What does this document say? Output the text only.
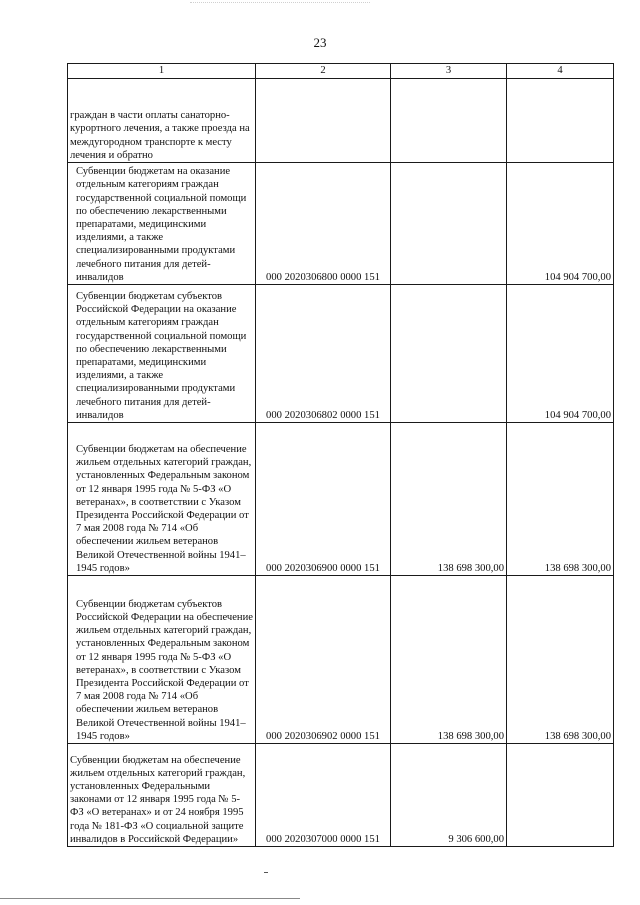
23
1	2	3	4
граждан в части оплаты санаторно-курортного лечения, а также проезда на междугородном транспорте к месту лечения и обратно			

Субвенции бюджетам на оказание отдельным категориям граждан государственной социальной помощи по обеспечению лекарственными препаратами, медицинскими изделиями, а также специализированными продуктами лечебного питания для детей-инвалидов	000 2020306800 0000 151		104 904 700,00

Субвенции бюджетам субъектов Российской Федерации на оказание отдельным категориям граждан государственной социальной помощи по обеспечению лекарственными препаратами, медицинскими изделиями, а также специализированными продуктами лечебного питания для детей-инвалидов	000 2020306802 0000 151		104 904 700,00

Субвенции бюджетам на обеспечение жильем отдельных категорий граждан, установленных Федеральным законом от 12 января 1995 года № 5-ФЗ «О ветеранах», в соответствии с Указом Президента Российской Федерации от 7 мая 2008 года № 714 «Об обеспечении жильем ветеранов Великой Отечественной войны 1941–1945 годов»	000 2020306900 0000 151	138 698 300,00	138 698 300,00

Субвенции бюджетам субъектов Российской Федерации на обеспечение жильем отдельных категорий граждан, установленных Федеральным законом от 12 января 1995 года № 5-ФЗ «О ветеранах», в соответствии с Указом Президента Российской Федерации от 7 мая 2008 года № 714 «Об обеспечении жильем ветеранов Великой Отечественной войны 1941–1945 годов»	000 2020306902 0000 151	138 698 300,00	138 698 300,00
Субвенции бюджетам на обеспечение жильем отдельных категорий граждан, установленных Федеральными законами от 12 января 1995 года № 5-ФЗ «О ветеранах» и от 24 ноября 1995 года № 181-ФЗ «О социальной защите инвалидов в Российской Федерации»	000 2020307000 0000 151	9 306 600,00	
